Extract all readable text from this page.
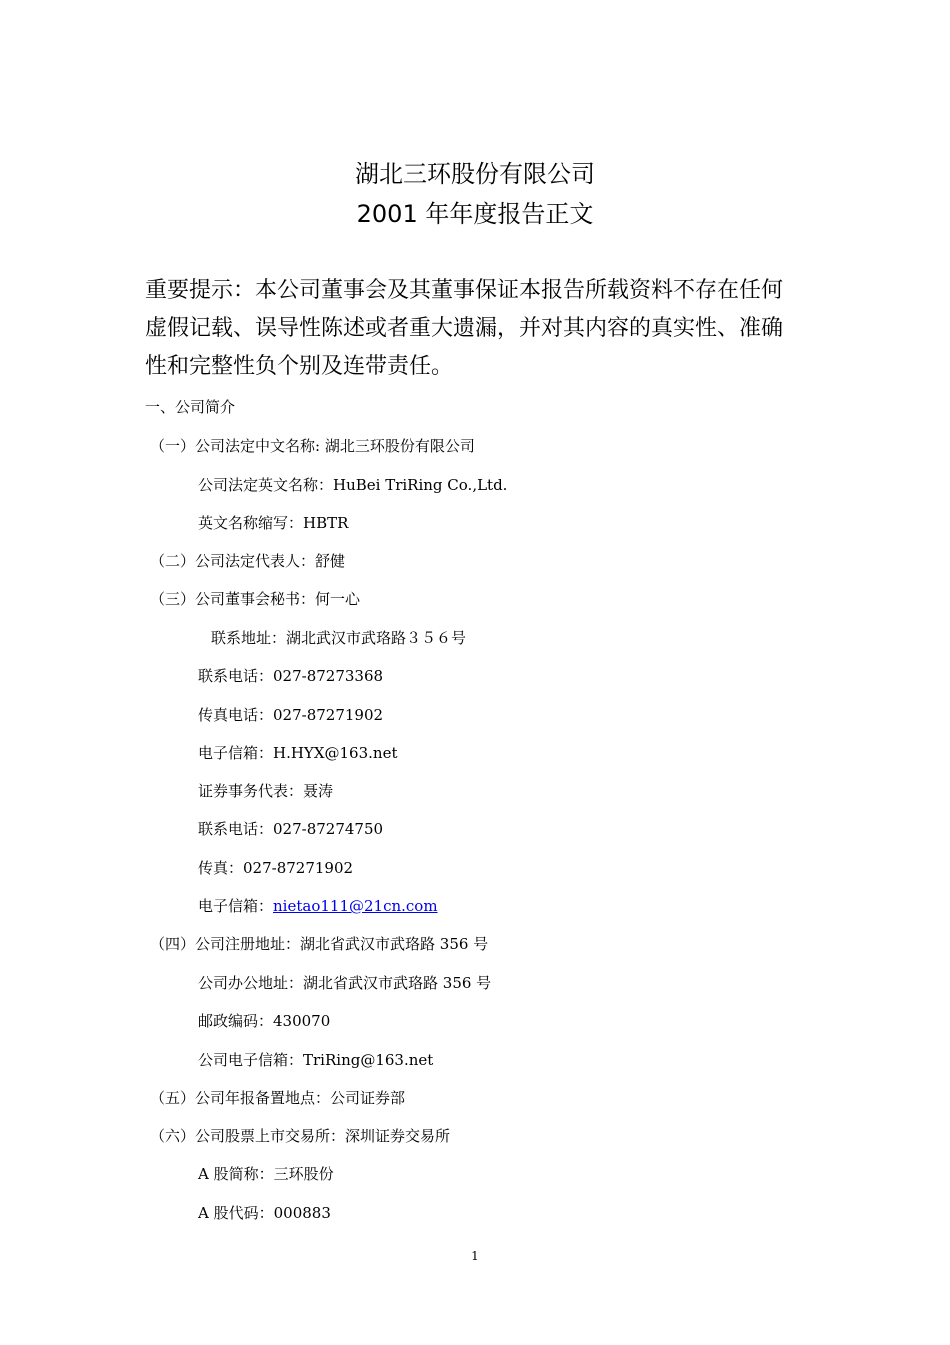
湖北三环股份有限公司
2001 年年度报告正文
重要提示：本公司董事会及其董事保证本报告所载资料不存在任何
虚假记载、误导性陈述或者重大遗漏，并对其内容的真实性、准确
性和完整性负个别及连带责任。
一、公司简介
（一）公司法定中文名称: 湖北三环股份有限公司
公司法定英文名称：HuBei TriRing Co.,Ltd.
英文名称缩写：HBTR
（二）公司法定代表人：舒健
（三）公司董事会秘书：何一心
联系地址：湖北武汉市武珞路３５６号
联系电话：027-87273368
传真电话：027-87271902
电子信箱：H.HYX@163.net
证券事务代表：聂涛
联系电话：027-87274750
传真：027-87271902
电子信箱：nietao111@21cn.com
（四）公司注册地址：湖北省武汉市武珞路 356 号
公司办公地址：湖北省武汉市武珞路 356 号
邮政编码：430070
公司电子信箱：TriRing@163.net
（五）公司年报备置地点：公司证券部
（六）公司股票上市交易所：深圳证券交易所
A 股简称：三环股份
A 股代码：000883
1
